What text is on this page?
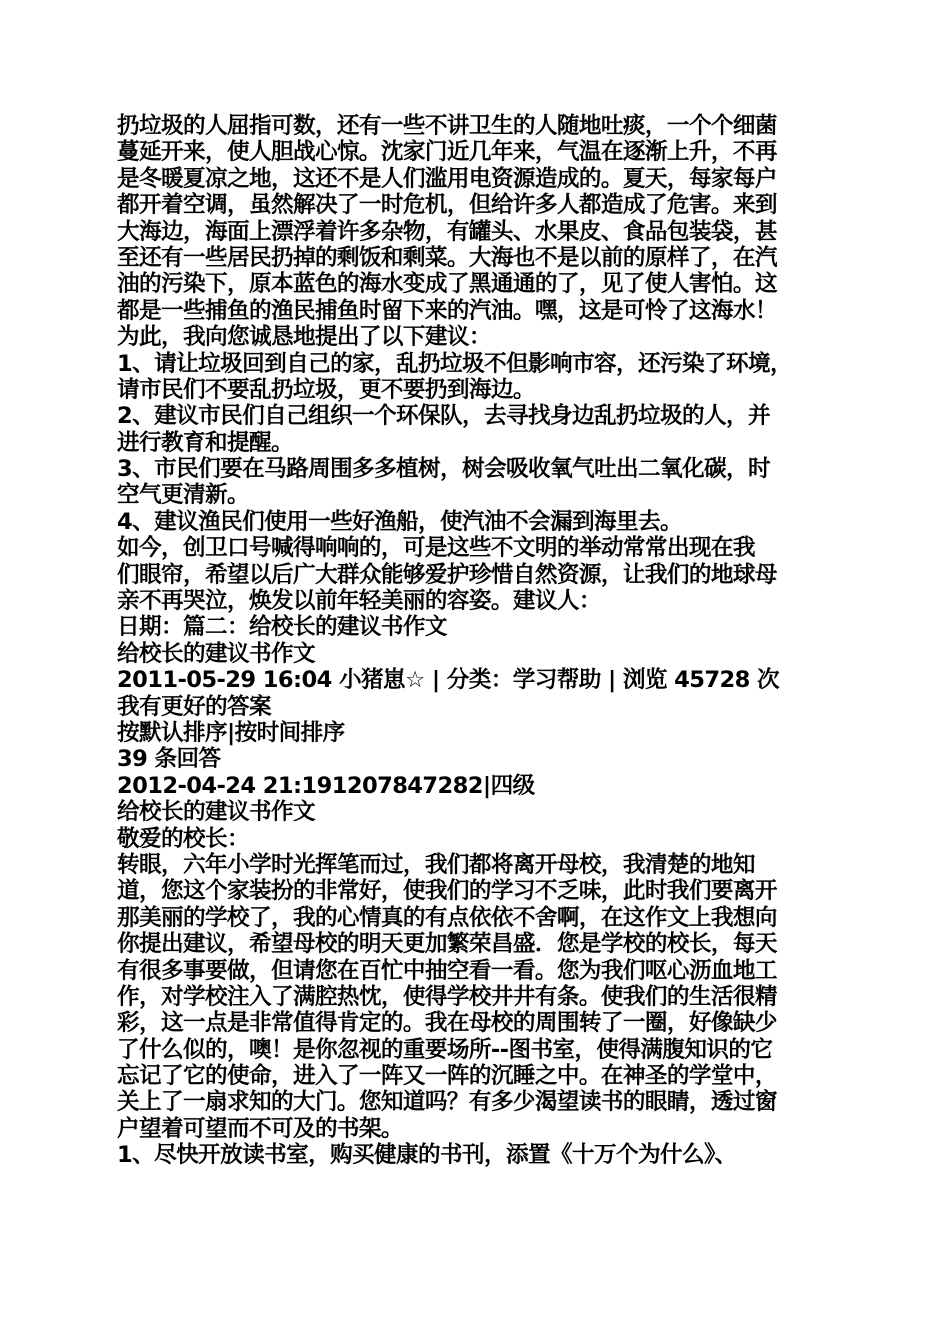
扔垃圾的人屈指可数，还有一些不讲卫生的人随地吐痰，一个个细菌
蔓延开来，使人胆战心惊。沈家门近几年来，气温在逐渐上升，不再
是冬暖夏凉之地，这还不是人们滥用电资源造成的。夏天，每家每户
都开着空调，虽然解决了一时危机，但给许多人都造成了危害。来到
大海边，海面上漂浮着许多杂物，有罐头、水果皮、食品包装袋，甚
至还有一些居民扔掉的剩饭和剩菜。大海也不是以前的原样了，在汽
油的污染下，原本蓝色的海水变成了黑通通的了，见了使人害怕。这
都是一些捕鱼的渔民捕鱼时留下来的汽油。嘿，这是可怜了这海水！
为此，我向您诚恳地提出了以下建议：
1、请让垃圾回到自己的家，乱扔垃圾不但影响市容，还污染了环境，
请市民们不要乱扔垃圾，更不要扔到海边。
2、建议市民们自己组织一个环保队，去寻找身边乱扔垃圾的人，并
进行教育和提醒。
3、市民们要在马路周围多多植树，树会吸收氧气吐出二氧化碳，时
空气更清新。
4、建议渔民们使用一些好渔船，使汽油不会漏到海里去。
如今，创卫口号喊得响响的，可是这些不文明的举动常常出现在我
们眼帘，希望以后广大群众能够爱护珍惜自然资源，让我们的地球母
亲不再哭泣，焕发以前年轻美丽的容姿。建议人：
日期：篇二：给校长的建议书作文
给校长的建议书作文
2011-05-29 16:04 小猪崽☆ | 分类：学习帮助 | 浏览 45728 次
我有更好的答案
按默认排序|按时间排序
39 条回答
2012-04-24 21:191207847282|四级
给校长的建议书作文
敬爱的校长：
转眼，六年小学时光挥笔而过，我们都将离开母校，我清楚的地知
道，您这个家装扮的非常好，使我们的学习不乏味，此时我们要离开
那美丽的学校了，我的心情真的有点依依不舍啊，在这作文上我想向
你提出建议，希望母校的明天更加繁荣昌盛．您是学校的校长，每天
有很多事要做，但请您在百忙中抽空看一看。您为我们呕心沥血地工
作，对学校注入了满腔热忱，使得学校井井有条。使我们的生活很精
彩，这一点是非常值得肯定的。我在母校的周围转了一圈，好像缺少
了什么似的，噢！是你忽视的重要场所--图书室，使得满腹知识的它
忘记了它的使命，进入了一阵又一阵的沉睡之中。在神圣的学堂中，
关上了一扇求知的大门。您知道吗？有多少渴望读书的眼睛，透过窗
户望着可望而不可及的书架。
1、尽快开放读书室，购买健康的书刊，添置《十万个为什么》、
